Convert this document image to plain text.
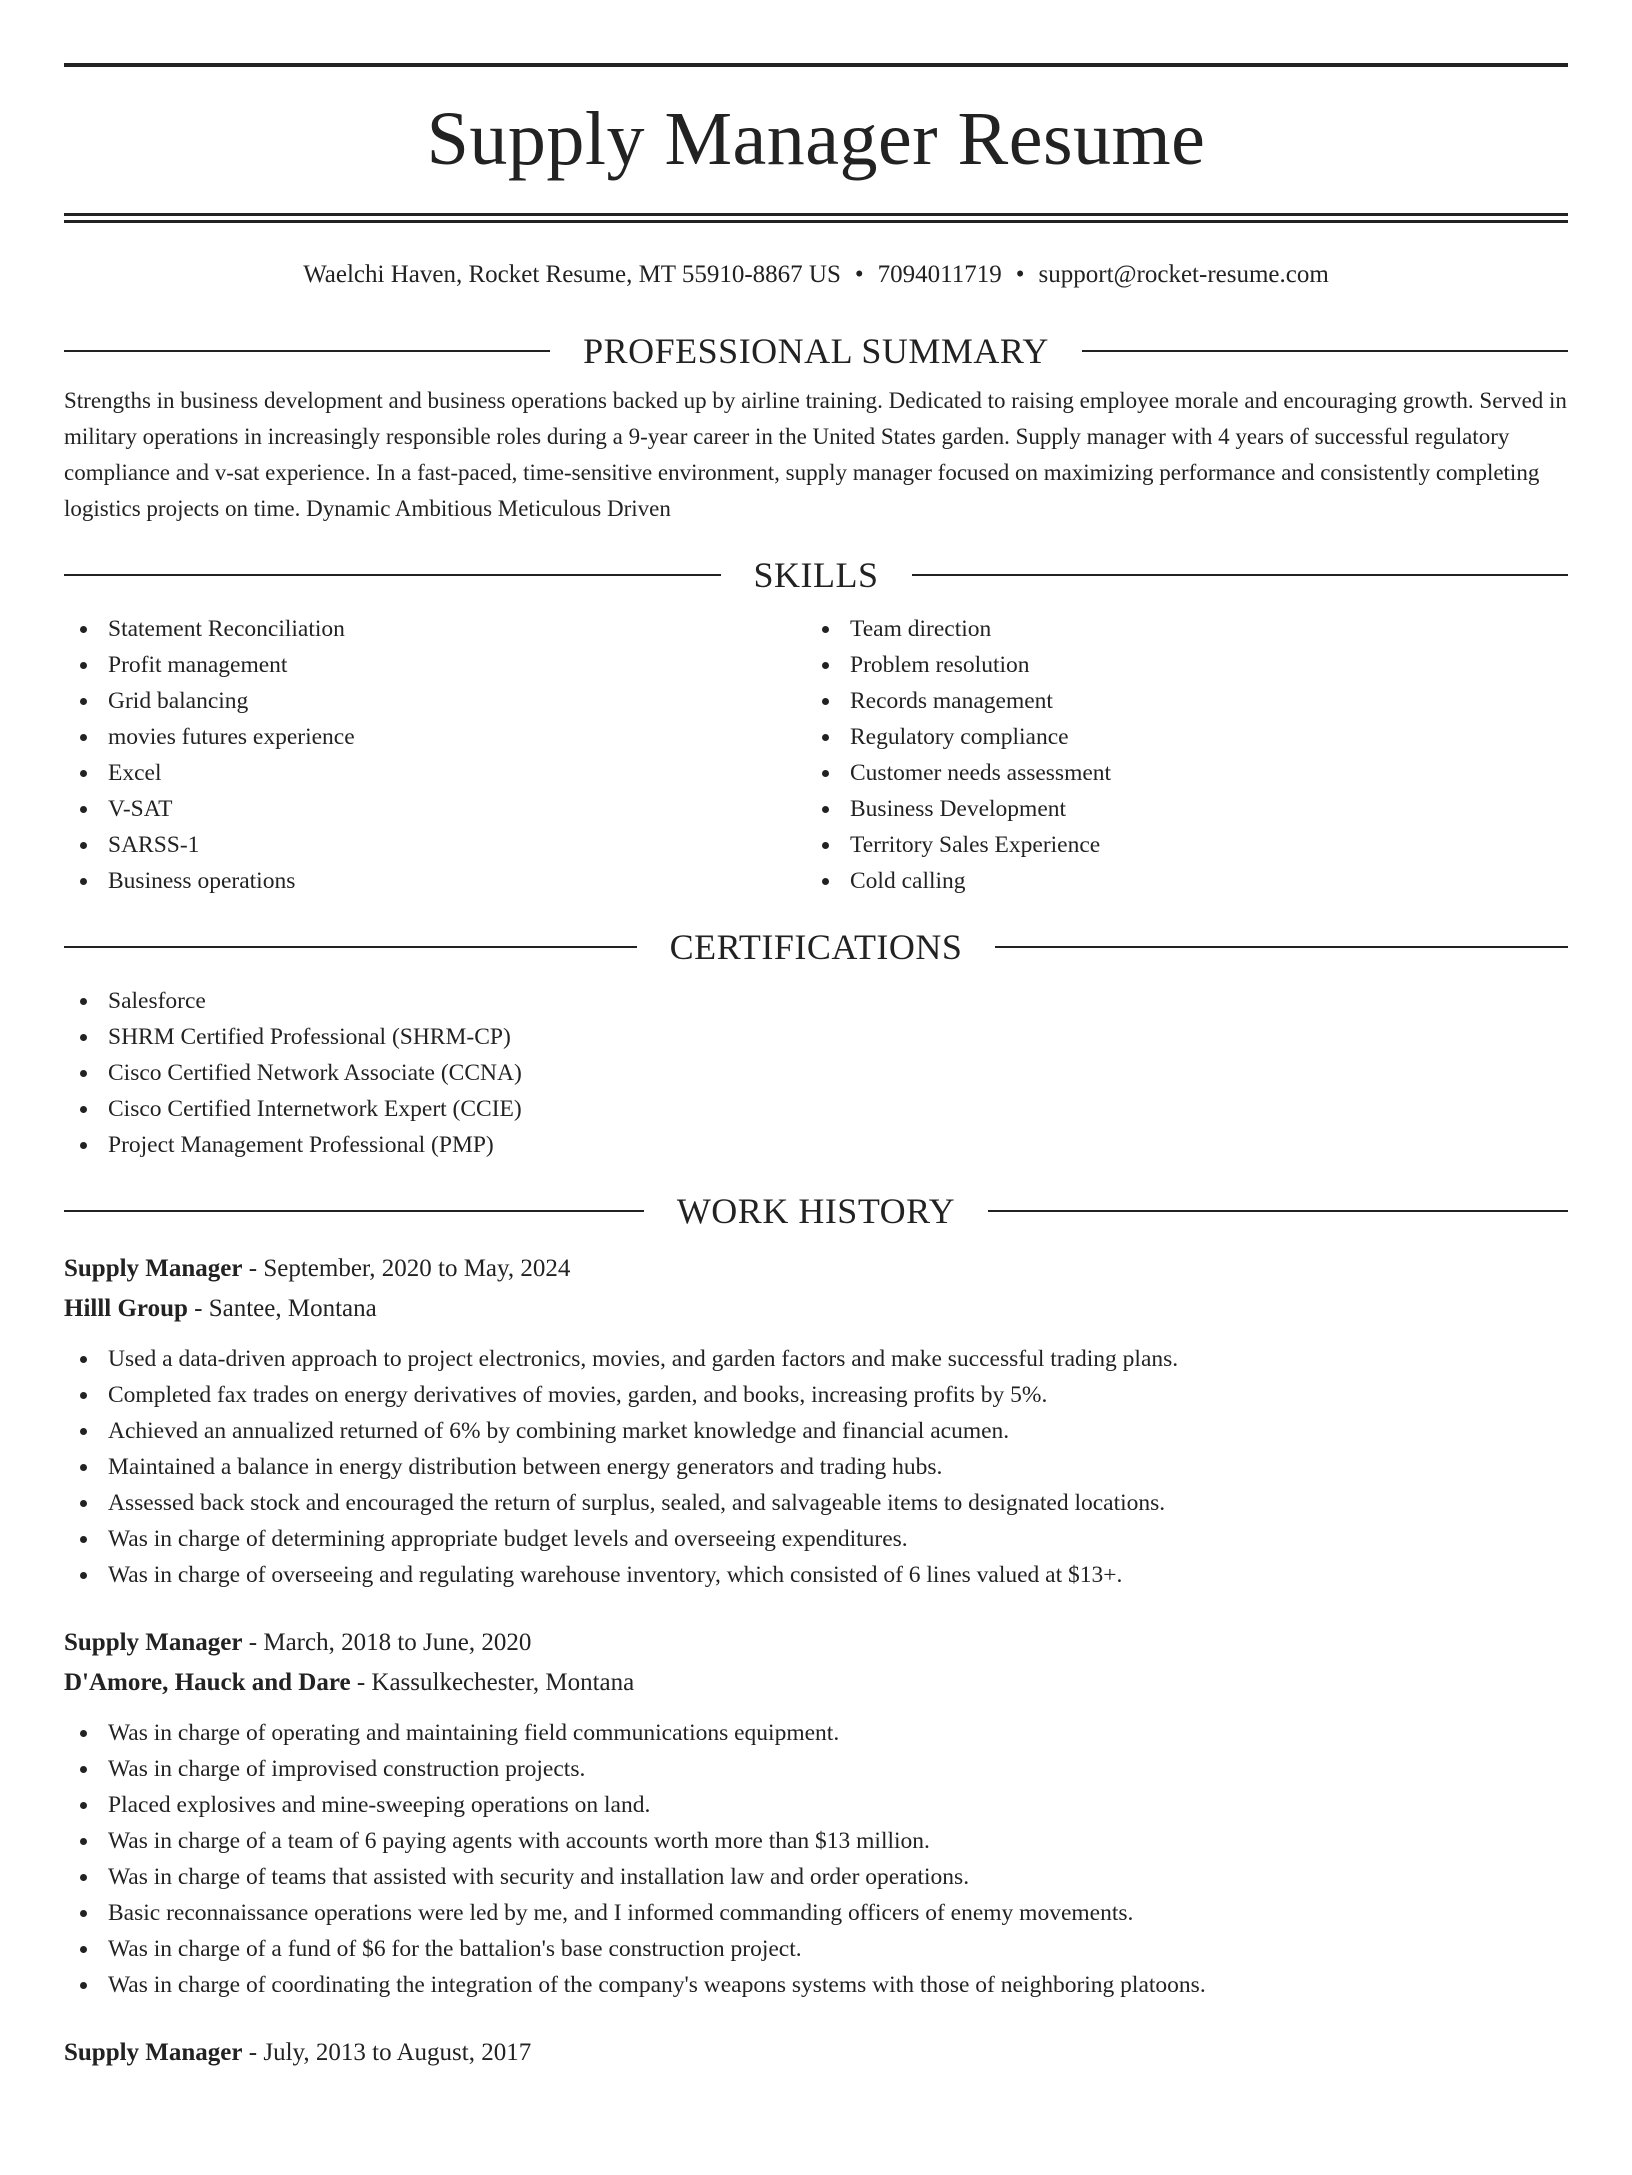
Supply Manager Resume
Waelchi Haven, Rocket Resume, MT 55910-8867 US • 7094011719 • support@rocket-resume.com
PROFESSIONAL SUMMARY

Strengths in business development and business operations backed up by airline training. Dedicated to raising employee morale and encouraging growth. Served in military operations in increasingly responsible roles during a 9-year career in the United States garden. Supply manager with 4 years of successful regulatory compliance and v-sat experience. In a fast-paced, time-sensitive environment, supply manager focused on maximizing performance and consistently completing logistics projects on time. Dynamic Ambitious Meticulous Driven

SKILLS
Statement Reconciliation
Profit management
Grid balancing
movies futures experience
Excel
V-SAT
SARSS-1
Business operations
Team direction
Problem resolution
Records management
Regulatory compliance
Customer needs assessment
Business Development
Territory Sales Experience
Cold calling
CERTIFICATIONS
Salesforce
SHRM Certified Professional (SHRM-CP)
Cisco Certified Network Associate (CCNA)
Cisco Certified Internetwork Expert (CCIE)
Project Management Professional (PMP)
WORK HISTORY
Supply Manager - September, 2020 to May, 2024
Hilll Group - Santee, Montana
Used a data-driven approach to project electronics, movies, and garden factors and make successful trading plans.
Completed fax trades on energy derivatives of movies, garden, and books, increasing profits by 5%.
Achieved an annualized returned of 6% by combining market knowledge and financial acumen.
Maintained a balance in energy distribution between energy generators and trading hubs.
Assessed back stock and encouraged the return of surplus, sealed, and salvageable items to designated locations.
Was in charge of determining appropriate budget levels and overseeing expenditures.
Was in charge of overseeing and regulating warehouse inventory, which consisted of 6 lines valued at $13+.
Supply Manager - March, 2018 to June, 2020
D'Amore, Hauck and Dare - Kassulkechester, Montana
Was in charge of operating and maintaining field communications equipment.
Was in charge of improvised construction projects.
Placed explosives and mine-sweeping operations on land.
Was in charge of a team of 6 paying agents with accounts worth more than $13 million.
Was in charge of teams that assisted with security and installation law and order operations.
Basic reconnaissance operations were led by me, and I informed commanding officers of enemy movements.
Was in charge of a fund of $6 for the battalion's base construction project.
Was in charge of coordinating the integration of the company's weapons systems with those of neighboring platoons.
Supply Manager - July, 2013 to August, 2017
